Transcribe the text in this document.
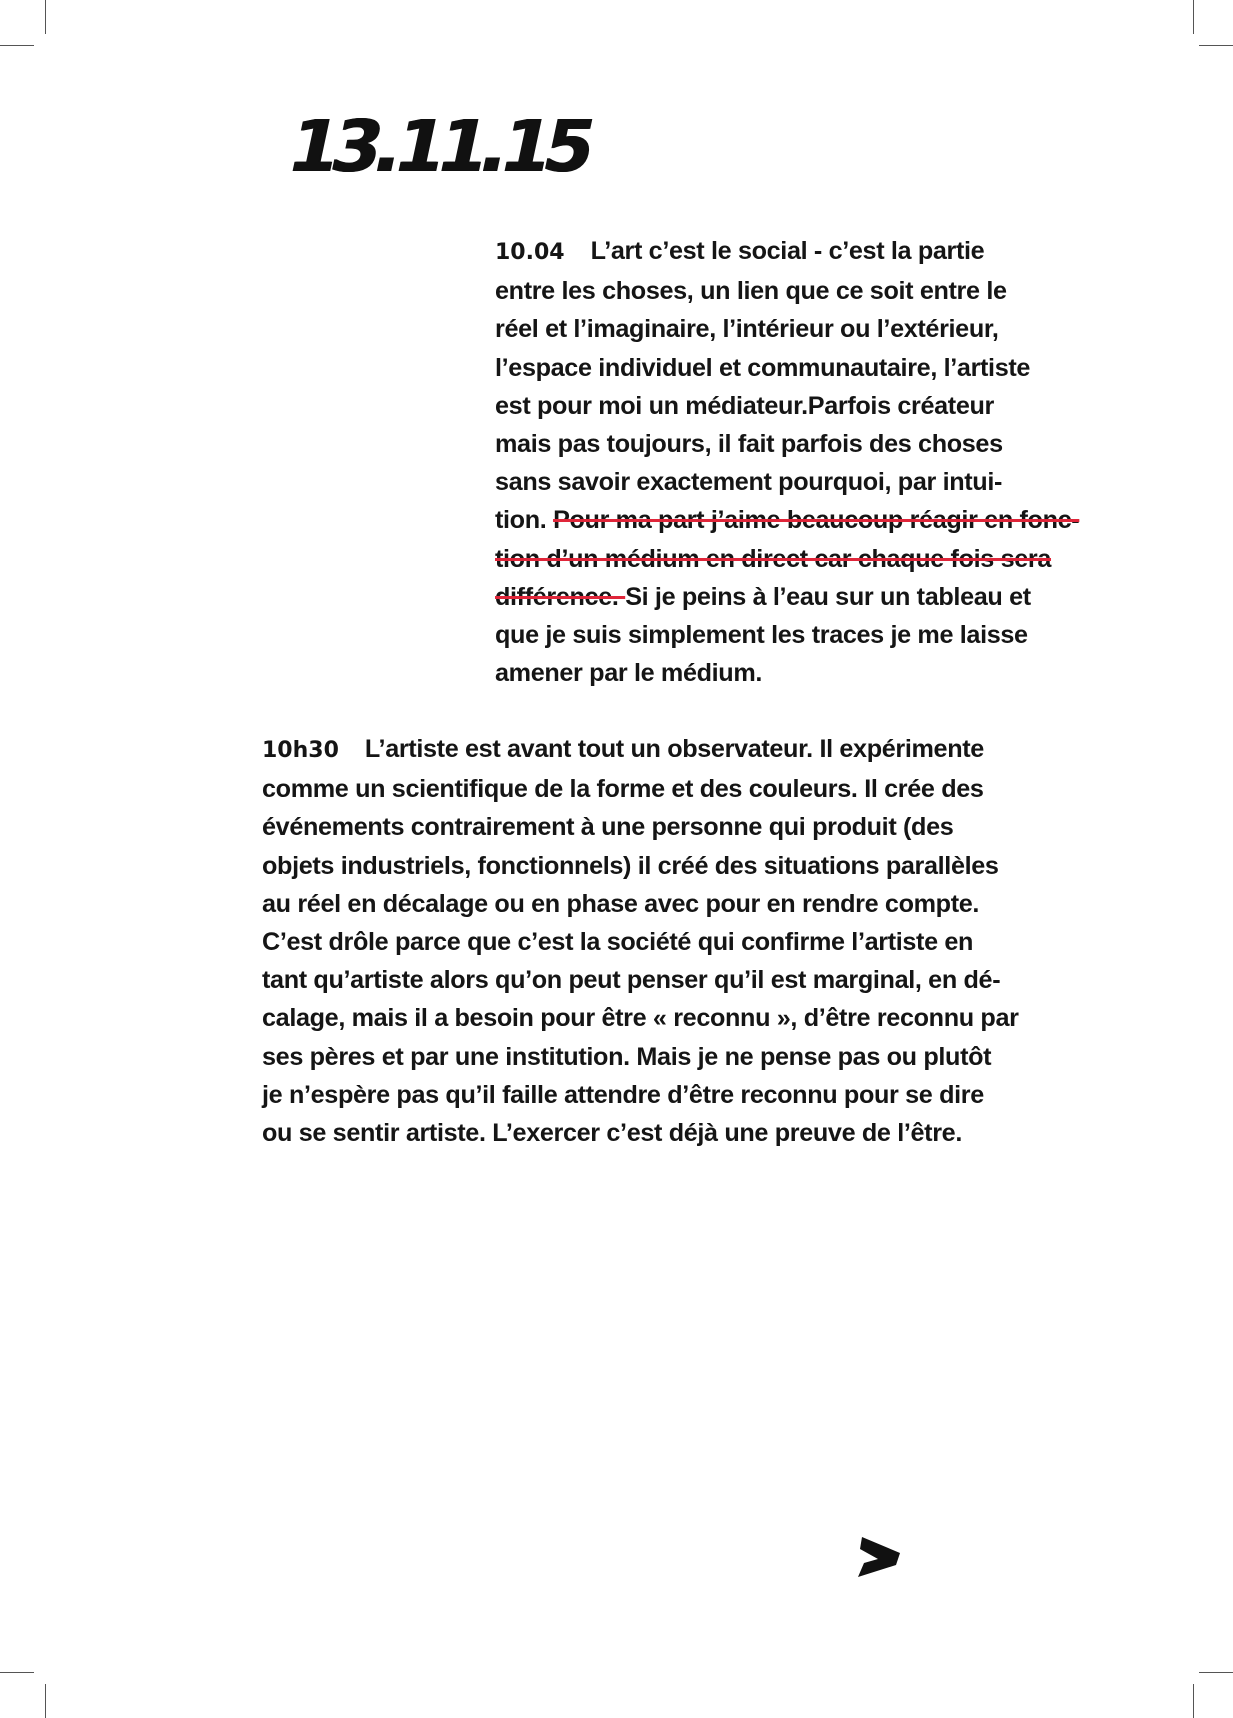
13.11.15
10.04 L’art c’est le social - c’est la partie
entre les choses, un lien que ce soit entre le
réel et l’imaginaire, l’intérieur ou l’extérieur,
l’espace individuel et communautaire, l’artiste
est pour moi un médiateur.Parfois créateur
mais pas toujours, il fait parfois des choses
sans savoir exactement pourquoi, par intui-
tion. Pour ma part j’aime beaucoup réagir en fonc-
tion d’un médium en direct car chaque fois sera
différence. Si je peins à l’eau sur un tableau et
que je suis simplement les traces je me laisse
amener par le médium.
10h30 L’artiste est avant tout un observateur. Il expérimente
comme un scientifique de la forme et des couleurs. Il crée des
événements contrairement à une personne qui produit (des
objets industriels, fonctionnels) il créé des situations parallèles
au réel en décalage ou en phase avec pour en rendre compte.
C’est drôle parce que c’est la société qui confirme l’artiste en
tant qu’artiste alors qu’on peut penser qu’il est marginal, en dé-
calage, mais il a besoin pour être « reconnu », d’être reconnu par
ses pères et par une institution. Mais je ne pense pas ou plutôt
je n’espère pas qu’il faille attendre d’être reconnu pour se dire
ou se sentir artiste. L’exercer c’est déjà une preuve de l’être.
